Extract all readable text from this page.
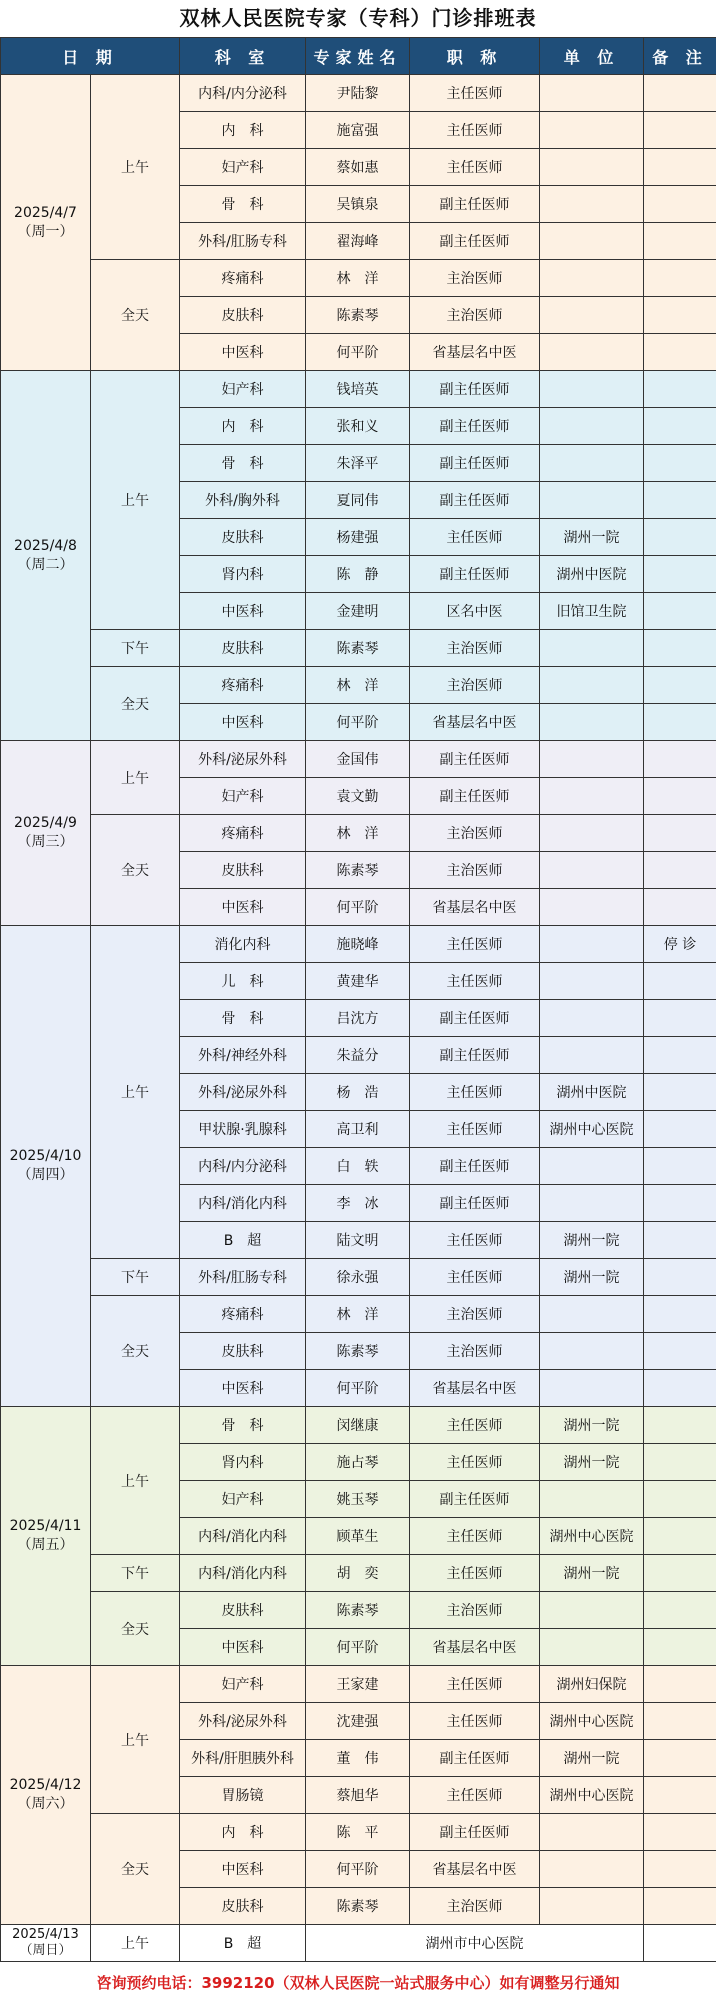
双林人民医院专家（专科）门诊排班表
日 期		科 室	专家姓名	职 称	单 位	备 注

2025/4/7
（周一）	上午	内科/内分泌科	尹陆黎	主任医师		
		内　科	施富强	主任医师		
		妇产科	蔡如惠	主任医师		
		骨　科	吴镇泉	副主任医师		
		外科/肛肠专科	翟海峰	副主任医师		
	全天	疼痛科	林　洋	主治医师		
		皮肤科	陈素琴	主治医师		
		中医科	何平阶	省基层名中医		

2025/4/8
（周二）	上午	妇产科	钱培英	副主任医师		
		内　科	张和义	副主任医师		
		骨　科	朱泽平	副主任医师		
		外科/胸外科	夏同伟	副主任医师		
		皮肤科	杨建强	主任医师	湖州一院	
		肾内科	陈　静	副主任医师	湖州中医院	
		中医科	金建明	区名中医	旧馆卫生院	
	下午	皮肤科	陈素琴	主治医师		
	全天	疼痛科	林　洋	主治医师		
		中医科	何平阶	省基层名中医		

2025/4/9
（周三）	上午	外科/泌尿外科	金国伟	副主任医师		
		妇产科	袁文勤	副主任医师		
	全天	疼痛科	林　洋	主治医师		
		皮肤科	陈素琴	主治医师		
		中医科	何平阶	省基层名中医		

2025/4/10
（周四）	上午	消化内科	施晓峰	主任医师		停 诊
		儿　科	黄建华	主任医师		
		骨　科	吕沈方	副主任医师		
		外科/神经外科	朱益分	副主任医师		
		外科/泌尿外科	杨　浩	主任医师	湖州中医院	
		甲状腺·乳腺科	高卫利	主任医师	湖州中心医院	
		内科/内分泌科	白　轶	副主任医师		
		内科/消化内科	李　冰	副主任医师		
		B　超	陆文明	主任医师	湖州一院	
	下午	外科/肛肠专科	徐永强	主任医师	湖州一院	
	全天	疼痛科	林　洋	主治医师		
		皮肤科	陈素琴	主治医师		
		中医科	何平阶	省基层名中医		

2025/4/11
（周五）	上午	骨　科	闵继康	主任医师	湖州一院	
		肾内科	施占琴	主任医师	湖州一院	
		妇产科	姚玉琴	副主任医师		
		内科/消化内科	顾革生	主任医师	湖州中心医院	
	下午	内科/消化内科	胡　奕	主任医师	湖州一院	
	全天	皮肤科	陈素琴	主治医师		
		中医科	何平阶	省基层名中医		

2025/4/12
（周六）	上午	妇产科	王家建	主任医师	湖州妇保院	
		外科/泌尿外科	沈建强	主任医师	湖州中心医院	
		外科/肝胆胰外科	董　伟	副主任医师	湖州一院	
		胃肠镜	蔡旭华	主任医师	湖州中心医院	
	全天	内　科	陈　平	副主任医师		
		中医科	何平阶	省基层名中医		
		皮肤科	陈素琴	主治医师		

2025/4/13
（周日）	上午	B　超	湖州市中心医院			
咨询预约电话：3992120（双林人民医院一站式服务中心）如有调整另行通知
